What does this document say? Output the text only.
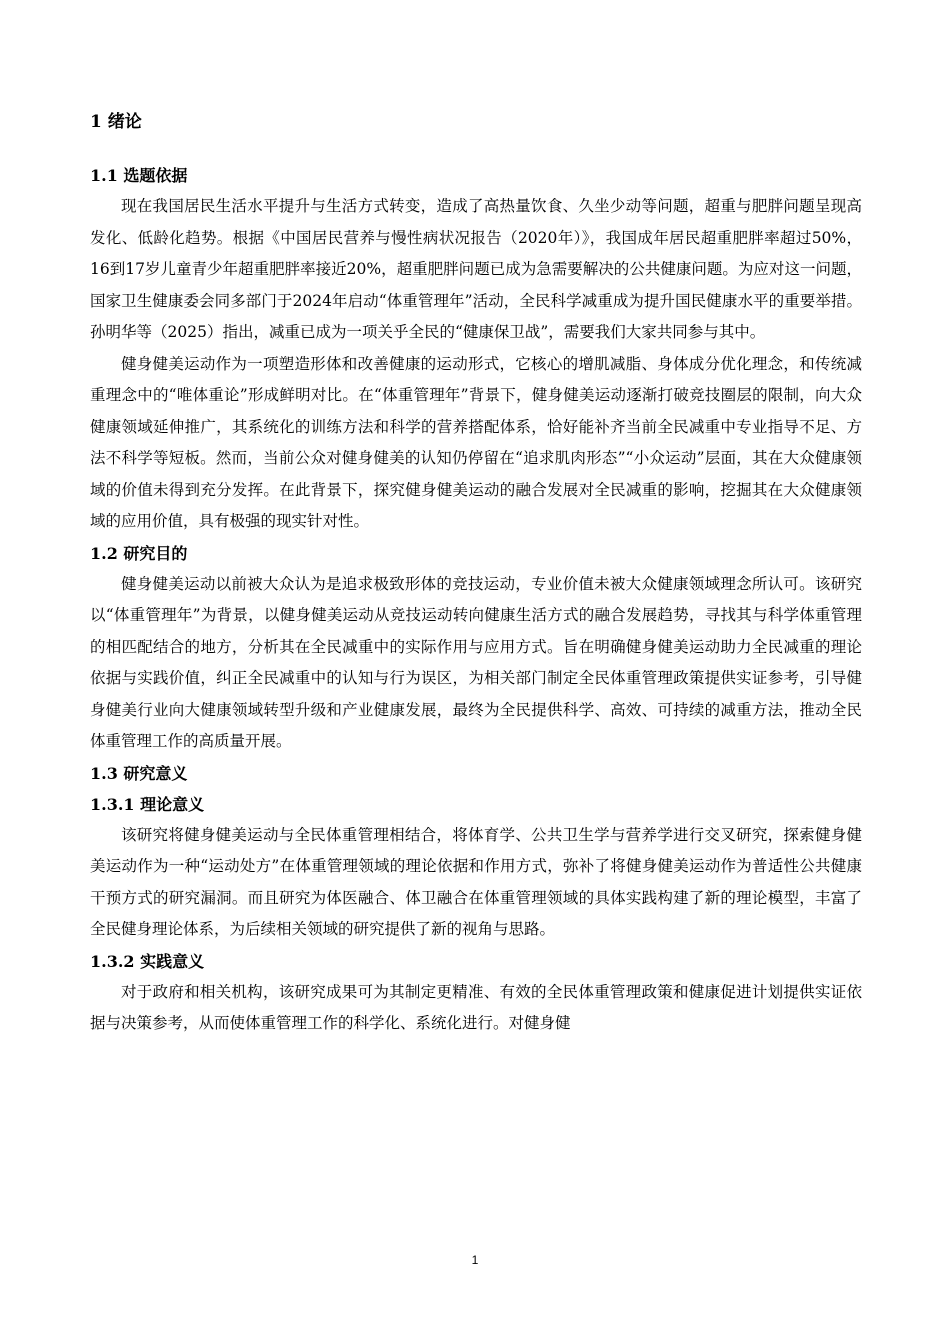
1 绪论
1.1 选题依据

现在我国居民生活水平提升与生活方式转变，造成了高热量饮食、久坐少动等问题，超重与肥胖问题呈现高发化、低龄化趋势。根据《中国居民营养与慢性病状况报告（2020年）》，我国成年居民超重肥胖率超过50%，16到17岁儿童青少年超重肥胖率接近20%，超重肥胖问题已成为急需要解决的公共健康问题。为应对这一问题，国家卫生健康委会同多部门于2024年启动“体重管理年”活动，全民科学减重成为提升国民健康水平的重要举措。孙明华等（2025）指出，减重已成为一项关乎全民的“健康保卫战”，需要我们大家共同参与其中。

健身健美运动作为一项塑造形体和改善健康的运动形式，它核心的增肌减脂、身体成分优化理念，和传统减重理念中的“唯体重论”形成鲜明对比。在“体重管理年”背景下，健身健美运动逐渐打破竞技圈层的限制，向大众健康领域延伸推广，其系统化的训练方法和科学的营养搭配体系，恰好能补齐当前全民减重中专业指导不足、方法不科学等短板。然而，当前公众对健身健美的认知仍停留在“追求肌肉形态”“小众运动”层面，其在大众健康领域的价值未得到充分发挥。在此背景下，探究健身健美运动的融合发展对全民减重的影响，挖掘其在大众健康领域的应用价值，具有极强的现实针对性。

1.2 研究目的

健身健美运动以前被大众认为是追求极致形体的竞技运动，专业价值未被大众健康领域理念所认可。该研究以“体重管理年”为背景，以健身健美运动从竞技运动转向健康生活方式的融合发展趋势，寻找其与科学体重管理的相匹配结合的地方，分析其在全民减重中的实际作用与应用方式。旨在明确健身健美运动助力全民减重的理论依据与实践价值，纠正全民减重中的认知与行为误区，为相关部门制定全民体重管理政策提供实证参考，引导健身健美行业向大健康领域转型升级和产业健康发展，最终为全民提供科学、高效、可持续的减重方法，推动全民体重管理工作的高质量开展。

1.3 研究意义
1.3.1 理论意义

该研究将健身健美运动与全民体重管理相结合，将体育学、公共卫生学与营养学进行交叉研究，探索健身健美运动作为一种“运动处方”在体重管理领域的理论依据和作用方式，弥补了将健身健美运动作为普适性公共健康干预方式的研究漏洞。而且研究为体医融合、体卫融合在体重管理领域的具体实践构建了新的理论模型，丰富了全民健身理论体系，为后续相关领域的研究提供了新的视角与思路。

1.3.2 实践意义

对于政府和相关机构，该研究成果可为其制定更精准、有效的全民体重管理政策和健康促进计划提供实证依据与决策参考，从而使体重管理工作的科学化、系统化进行。对健身健

1
